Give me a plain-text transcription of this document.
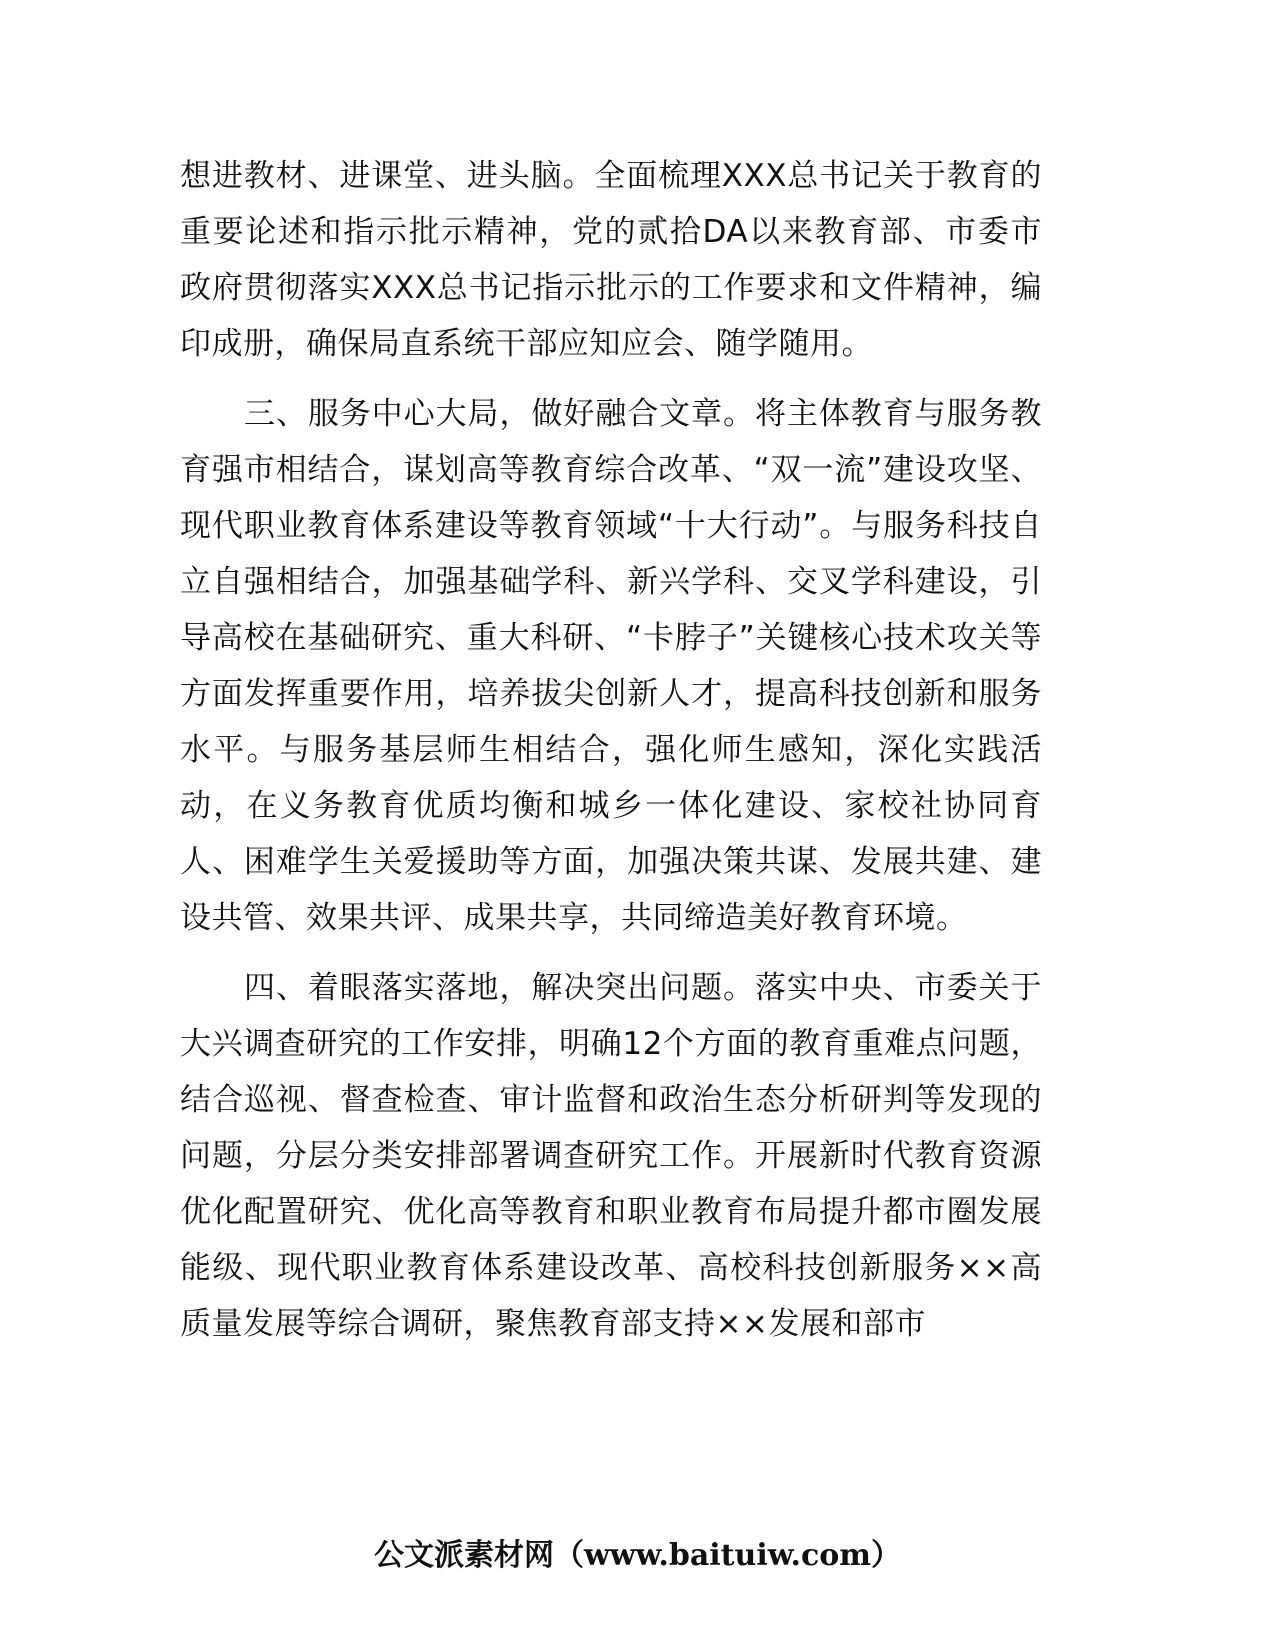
想进教材、进课堂、进头脑。全面梳理XXX总书记关于教育的重要论述和指示批示精神，党的贰拾DA以来教育部、市委市政府贯彻落实XXX总书记指示批示的工作要求和文件精神，编印成册，确保局直系统干部应知应会、随学随用。

三、服务中心大局，做好融合文章。将主体教育与服务教育强市相结合，谋划高等教育综合改革、“双一流”建设攻坚、现代职业教育体系建设等教育领域“十大行动”。与服务科技自立自强相结合，加强基础学科、新兴学科、交叉学科建设，引导高校在基础研究、重大科研、“卡脖子”关键核心技术攻关等方面发挥重要作用，培养拔尖创新人才，提高科技创新和服务水平。与服务基层师生相结合，强化师生感知，深化实践活动，在义务教育优质均衡和城乡一体化建设、家校社协同育人、困难学生关爱援助等方面，加强决策共谋、发展共建、建设共管、效果共评、成果共享，共同缔造美好教育环境。

四、着眼落实落地，解决突出问题。落实中央、市委关于大兴调查研究的工作安排，明确12个方面的教育重难点问题，结合巡视、督查检查、审计监督和政治生态分析研判等发现的问题，分层分类安排部署调查研究工作。开展新时代教育资源优化配置研究、优化高等教育和职业教育布局提升都市圈发展能级、现代职业教育体系建设改革、高校科技创新服务××高质量发展等综合调研，聚焦教育部支持××发展和部市

公文派素材网（www.baituiw.com）
